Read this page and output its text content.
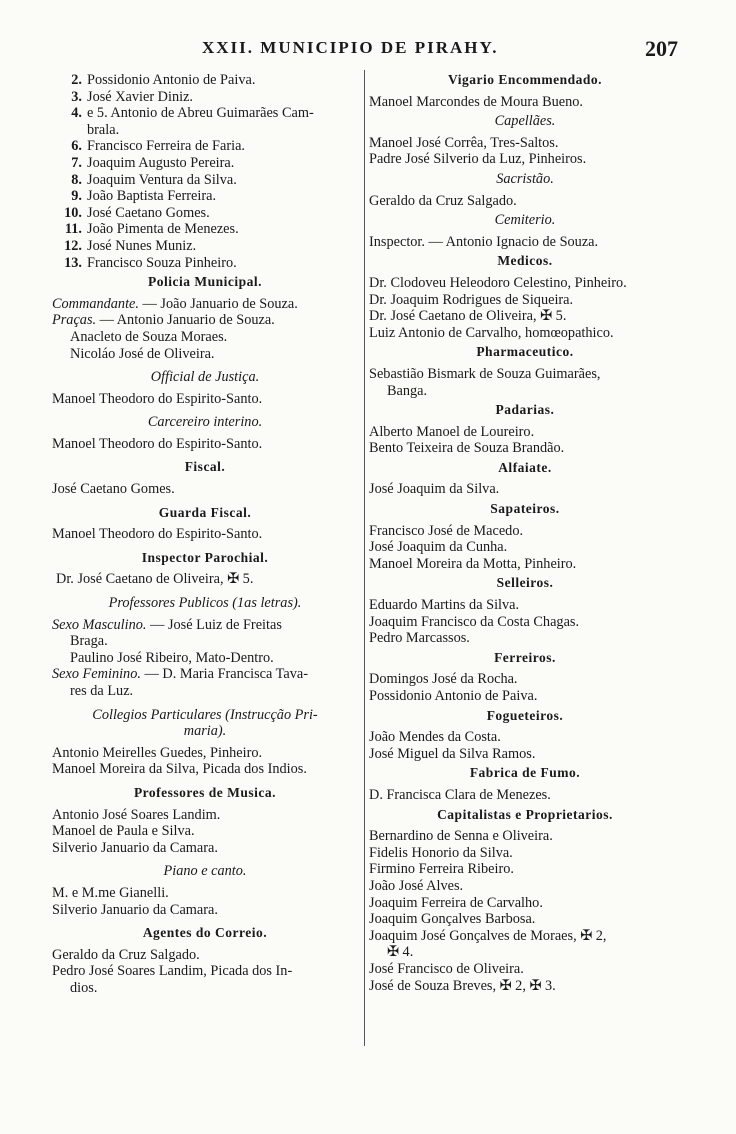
XXII. MUNICIPIO DE PIRAHY.	207
2. Possidonio Antonio de Paiva.
3. José Xavier Diniz.
4. e 5. Antonio de Abreu Guimarães Cam-
brala.
6. Francisco Ferreira de Faria.
7. Joaquim Augusto Pereira.
8. Joaquim Ventura da Silva.
9. João Baptista Ferreira.
10. José Caetano Gomes.
11. João Pimenta de Menezes.
12. José Nunes Muniz.
13. Francisco Souza Pinheiro.
Policia Municipal.
Commandante. — João Januario de Souza.
Praças. — Antonio Januario de Souza.
Anacleto de Souza Moraes.
Nicoláo José de Oliveira.
Official de Justiça.
Manoel Theodoro do Espirito-Santo.
Carcereiro interino.
Manoel Theodoro do Espirito-Santo.
Fiscal.
José Caetano Gomes.
Guarda Fiscal.
Manoel Theodoro do Espirito-Santo.
Inspector Parochial.
Dr. José Caetano de Oliveira, ✠ 5.
Professores Publicos (1as letras).
Sexo Masculino. — José Luiz de Freitas
Braga.
Paulino José Ribeiro, Mato-Dentro.
Sexo Feminino. — D. Maria Francisca Tava-
res da Luz.
Collegios Particulares (Instrucção Pri-
maria).
Antonio Meirelles Guedes, Pinheiro.
Manoel Moreira da Silva, Picada dos Indios.
Professores de Musica.
Antonio José Soares Landim.
Manoel de Paula e Silva.
Silverio Januario da Camara.
Piano e canto.
M. e M.me Gianelli.
Silverio Januario da Camara.
Agentes do Correio.
Geraldo da Cruz Salgado.
Pedro José Soares Landim, Picada dos In-
dios.
Vigario Encommendado.
Manoel Marcondes de Moura Bueno.
Capellães.
Manoel José Corrêa, Tres-Saltos.
Padre José Silverio da Luz, Pinheiros.
Sacristão.
Geraldo da Cruz Salgado.
Cemiterio.
Inspector. — Antonio Ignacio de Souza.
Medicos.
Dr. Clodoveu Heleodoro Celestino, Pinheiro.
Dr. Joaquim Rodrigues de Siqueira.
Dr. José Caetano de Oliveira, ✠ 5.
Luiz Antonio de Carvalho, homœopathico.
Pharmaceutico.
Sebastião Bismark de Souza Guimarães,
Banga.
Padarias.
Alberto Manoel de Loureiro.
Bento Teixeira de Souza Brandão.
Alfaiate.
José Joaquim da Silva.
Sapateiros.
Francisco José de Macedo.
José Joaquim da Cunha.
Manoel Moreira da Motta, Pinheiro.
Selleiros.
Eduardo Martins da Silva.
Joaquim Francisco da Costa Chagas.
Pedro Marcassos.
Ferreiros.
Domingos José da Rocha.
Possidonio Antonio de Paiva.
Fogueteiros.
João Mendes da Costa.
José Miguel da Silva Ramos.
Fabrica de Fumo.
D. Francisca Clara de Menezes.
Capitalistas e Proprietarios.
Bernardino de Senna e Oliveira.
Fidelis Honorio da Silva.
Firmino Ferreira Ribeiro.
João José Alves.
Joaquim Ferreira de Carvalho.
Joaquim Gonçalves Barbosa.
Joaquim José Gonçalves de Moraes, ✠ 2,
✠ 4.
José Francisco de Oliveira.
José de Souza Breves, ✠ 2, ✠ 3.
